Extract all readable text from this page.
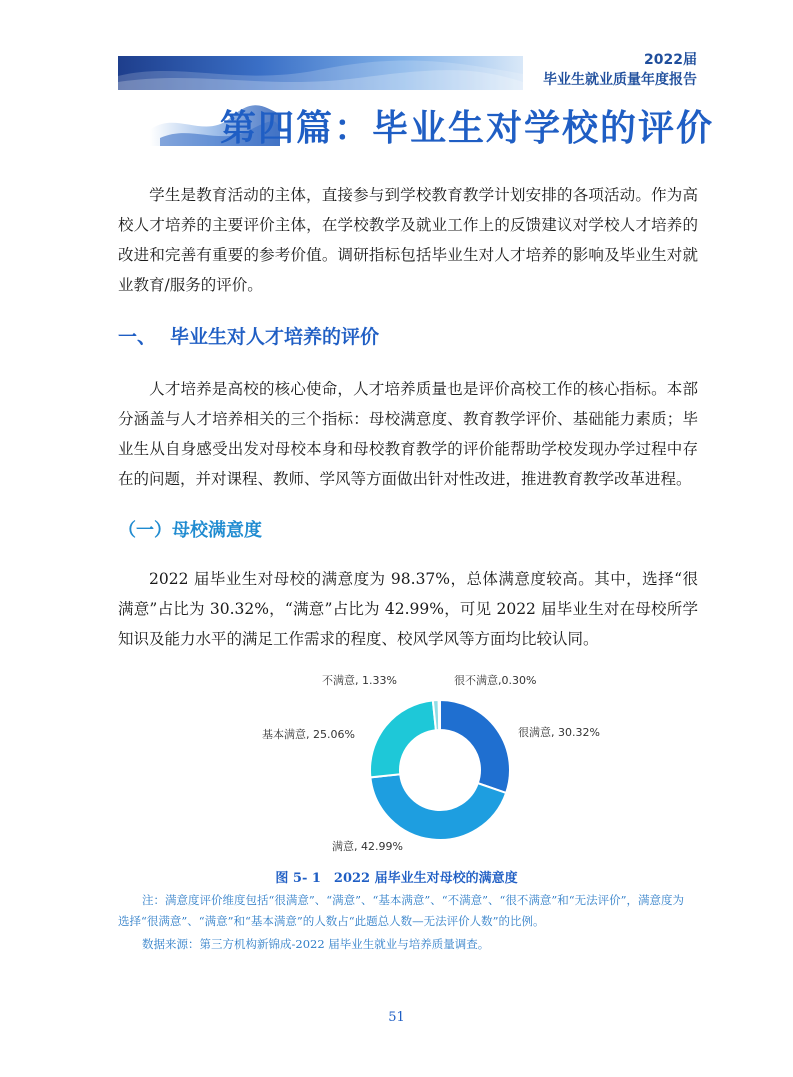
2022届
毕业生就业质量年度报告
第四篇：毕业生对学校的评价
学生是教育活动的主体，直接参与到学校教育教学计划安排的各项活动。作为高校人才培养的主要评价主体，在学校教学及就业工作上的反馈建议对学校人才培养的改进和完善有重要的参考价值。调研指标包括毕业生对人才培养的影响及毕业生对就业教育/服务的评价。
一、 毕业生对人才培养的评价
人才培养是高校的核心使命，人才培养质量也是评价高校工作的核心指标。本部分涵盖与人才培养相关的三个指标：母校满意度、教育教学评价、基础能力素质；毕业生从自身感受出发对母校本身和母校教育教学的评价能帮助学校发现办学过程中存在的问题，并对课程、教师、学风等方面做出针对性改进，推进教育教学改革进程。
（一）母校满意度
2022 届毕业生对母校的满意度为 98.37%，总体满意度较高。其中，选择“很满意”占比为 30.32%，“满意”占比为 42.99%，可见 2022 届毕业生对在母校所学知识及能力水平的满足工作需求的程度、校风学风等方面均比较认同。
不满意, 1.33%	很不满意,0.30%
很满意, 30.32%
基本满意, 25.06%
满意, 42.99%
图 5- 1　2022 届毕业生对母校的满意度
注：满意度评价维度包括“很满意”、“满意”、“基本满意”、“不满意”、“很不满意”和“无法评价”，满意度为选择“很满意”、“满意”和“基本满意”的人数占“此题总人数—无法评价人数”的比例。
数据来源：第三方机构新锦成-2022 届毕业生就业与培养质量调查。
51
